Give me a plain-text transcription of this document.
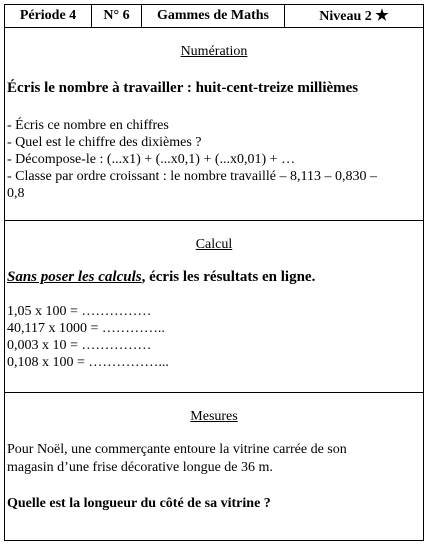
Période 4	N° 6	Gammes de Maths	Niveau 2 ★
Numération
Écris le nombre à travailler : huit-cent-treize millièmes
- Écris ce nombre en chiffres
- Quel est le chiffre des dixièmes ?
- Décompose-le : (...x1) + (...x0,1) + (...x0,01) + …
- Classe par ordre croissant : le nombre travaillé – 8,113 – 0,830 –
0,8
Calcul
Sans poser les calculs, écris les résultats en ligne.
1,05 x 100 = ……………
40,117 x 1000 = …………..
0,003 x 10 = ……………
0,108 x 100 = ……………...
Mesures
Pour Noël, une commerçante entoure la vitrine carrée de son
magasin d’une frise décorative longue de 36 m.
Quelle est la longueur du côté de sa vitrine ?
